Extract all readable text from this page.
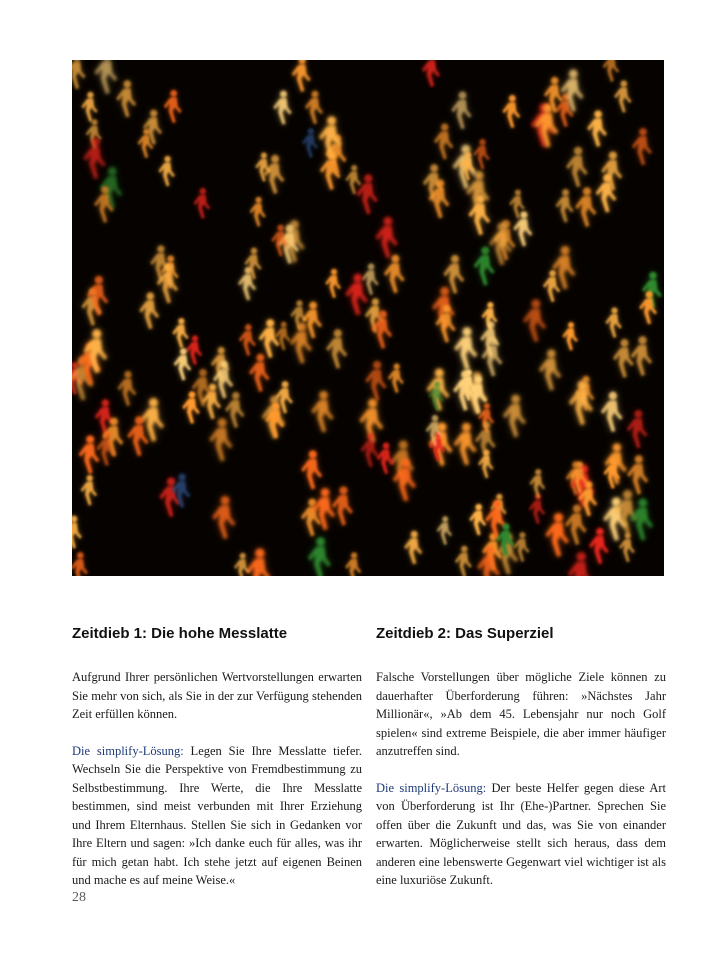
Zeitdieb 1: Die hohe Messlatte

Aufgrund Ihrer persönlichen Wertvorstellungen erwarten Sie mehr von sich, als Sie in der zur Verfügung stehenden Zeit erfüllen können.

Die simplify-Lösung: Legen Sie Ihre Messlatte tiefer. Wechseln Sie die Perspektive von Fremdbestimmung zu Selbstbestimmung. Ihre Werte, die Ihre Messlatte bestimmen, sind meist verbunden mit Ihrer Erziehung und Ihrem Elternhaus. Stellen Sie sich in Gedanken vor Ihre Eltern und sagen: »Ich danke euch für alles, was ihr für mich getan habt. Ich stehe jetzt auf eigenen Beinen und mache es auf meine Weise.«

Zeitdieb 2: Das Superziel

Falsche Vorstellungen über mögliche Ziele können zu dauerhafter Überforderung führen: »Nächstes Jahr Millionär«, »Ab dem 45. Lebensjahr nur noch Golf spielen« sind extreme Beispiele, die aber immer häufiger anzutreffen sind.

Die simplify-Lösung: Der beste Helfer gegen diese Art von Überforderung ist Ihr (Ehe-)Partner. Sprechen Sie offen über die Zukunft und das, was Sie von einander erwarten. Möglicherweise stellt sich heraus, dass dem anderen eine lebenswerte Gegenwart viel wichtiger ist als eine luxuriöse Zukunft.

28
